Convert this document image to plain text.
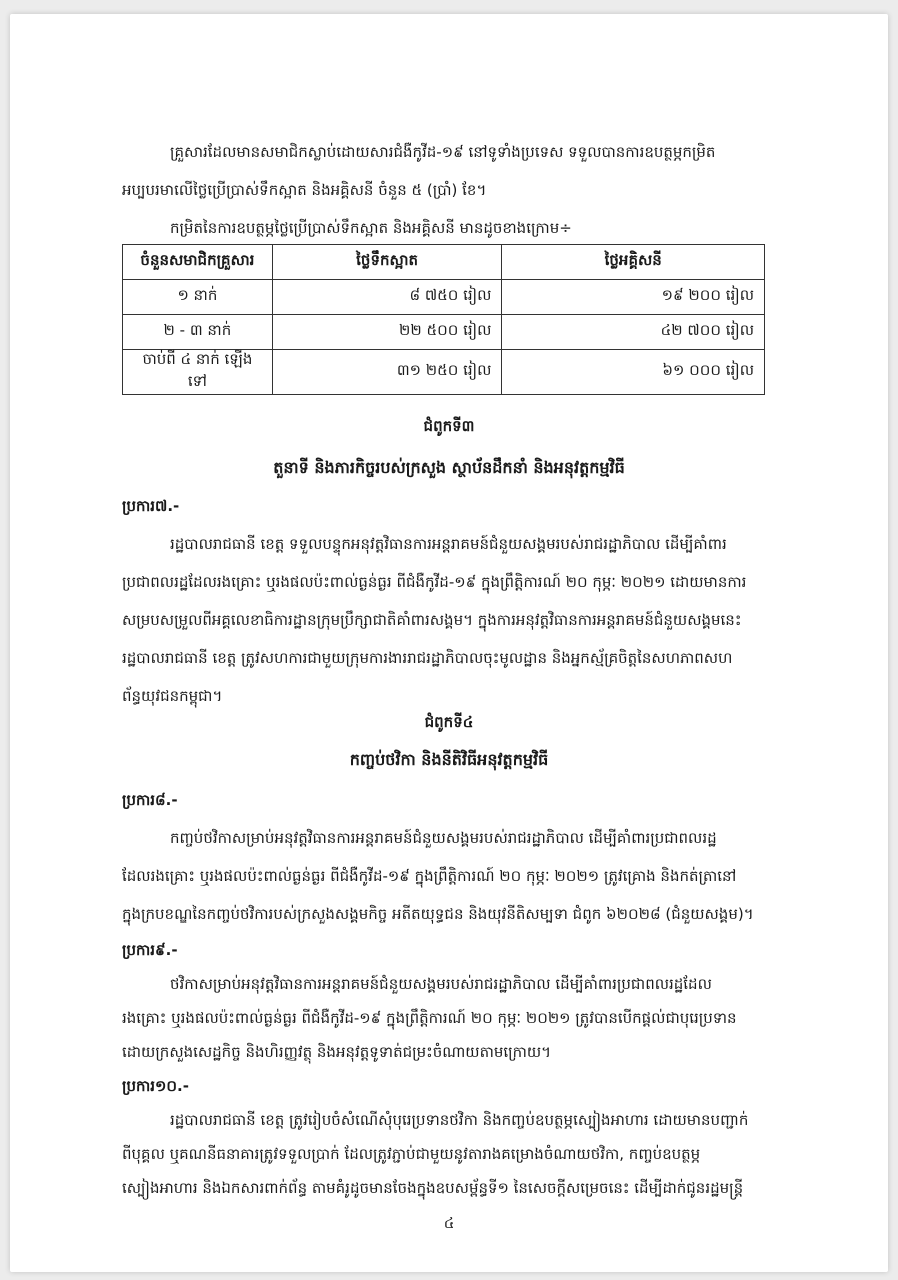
គ្រួសារដែលមានសមាជិកស្លាប់ដោយសារជំងឺកូវីដ-១៩ នៅទូទាំងប្រទេស ទទួលបានការឧបត្ថម្ភកម្រិត
អប្បបរមាលើថ្លៃប្រើប្រាស់ទឹកស្អាត និងអគ្គិសនី ចំនួន ៥ (ប្រាំ) ខែ។
កម្រិតនៃការឧបត្ថម្ភថ្លៃប្រើប្រាស់ទឹកស្អាត និងអគ្គិសនី មានដូចខាងក្រោម÷
ចំនួនសមាជិកគ្រួសារ	ថ្លៃទឹកស្អាត	ថ្លៃអគ្គិសនី
១ នាក់	៨ ៧៥០ រៀល	១៩ ២០០ រៀល
២ - ៣ នាក់	២២ ៥០០ រៀល	៤២ ៧០០ រៀល
ចាប់ពី ៤ នាក់ ឡើងទៅ	៣១ ២៥០ រៀល	៦១ ០០០ រៀល
ជំពូកទី៣
តួនាទី និងភារកិច្ចរបស់ក្រសួង ស្ថាប័នដឹកនាំ និងអនុវត្តកម្មវិធី
ប្រការ៧.-
រដ្ឋបាលរាជធានី ខេត្ត ទទួលបន្ទុកអនុវត្តវិធានការអន្តរាគមន៍ជំនួយសង្គមរបស់រាជរដ្ឋាភិបាល ដើម្បីគាំពារ
ប្រជាពលរដ្ឋដែលរងគ្រោះ ឬរងផលប៉ះពាល់ធ្ងន់ធ្ងរ ពីជំងឺកូវីដ-១៩ ក្នុងព្រឹត្តិការណ៍ ២០ កុម្ភៈ ២០២១ ដោយមានការ
សម្របសម្រួលពីអគ្គលេខាធិការដ្ឋានក្រុមប្រឹក្សាជាតិគាំពារសង្គម។ ក្នុងការអនុវត្តវិធានការអន្តរាគមន៍ជំនួយសង្គមនេះ
រដ្ឋបាលរាជធានី ខេត្ត ត្រូវសហការជាមួយក្រុមការងាររាជរដ្ឋាភិបាលចុះមូលដ្ឋាន និងអ្នកស្ម័គ្រចិត្តនៃសហភាពសហ
ព័ន្ធយុវជនកម្ពុជា។
ជំពូកទី៤
កញ្ចប់ថវិកា និងនីតិវិធីអនុវត្តកម្មវិធី
ប្រការ៨.-
កញ្ចប់ថវិកាសម្រាប់អនុវត្តវិធានការអន្តរាគមន៍ជំនួយសង្គមរបស់រាជរដ្ឋាភិបាល ដើម្បីគាំពារប្រជាពលរដ្ឋ
ដែលរងគ្រោះ ឬរងផលប៉ះពាល់ធ្ងន់ធ្ងរ ពីជំងឺកូវីដ-១៩ ក្នុងព្រឹត្តិការណ៍ ២០ កុម្ភៈ ២០២១ ត្រូវគ្រោង និងកត់ត្រានៅ
ក្នុងក្របខណ្ឌនៃកញ្ចប់ថវិការបស់ក្រសួងសង្គមកិច្ច អតីតយុទ្ធជន និងយុវនីតិសម្បទា ជំពូក ៦២០២៨ (ជំនួយសង្គម)។
ប្រការ៩.-
ថវិកាសម្រាប់អនុវត្តវិធានការអន្តរាគមន៍ជំនួយសង្គមរបស់រាជរដ្ឋាភិបាល ដើម្បីគាំពារប្រជាពលរដ្ឋដែល
រងគ្រោះ ឬរងផលប៉ះពាល់ធ្ងន់ធ្ងរ ពីជំងឺកូវីដ-១៩ ក្នុងព្រឹត្តិការណ៍ ២០ កុម្ភៈ ២០២១ ត្រូវបានបើកផ្ដល់ជាបុរេប្រទាន
ដោយក្រសួងសេដ្ឋកិច្ច និងហិរញ្ញវត្ថុ និងអនុវត្តទូទាត់ជម្រះចំណាយតាមក្រោយ។
ប្រការ១០.-
រដ្ឋបាលរាជធានី ខេត្ត ត្រូវរៀបចំសំណើសុំបុរេប្រទានថវិកា និងកញ្ចប់ឧបត្ថម្ភស្បៀងអាហារ ដោយមានបញ្ជាក់
ពីបុគ្គល ឬគណនីធនាគារត្រូវទទួលប្រាក់ ដែលត្រូវភ្ជាប់ជាមួយនូវតារាងគម្រោងចំណាយថវិកា, កញ្ចប់ឧបត្ថម្ភ
ស្បៀងអាហារ និងឯកសារពាក់ព័ន្ធ តាមគំរូដូចមានចែងក្នុងឧបសម្ព័ន្ធទី១ នៃសេចក្ដីសម្រេចនេះ ដើម្បីដាក់ជូនរដ្ឋមន្ត្រី
៤
